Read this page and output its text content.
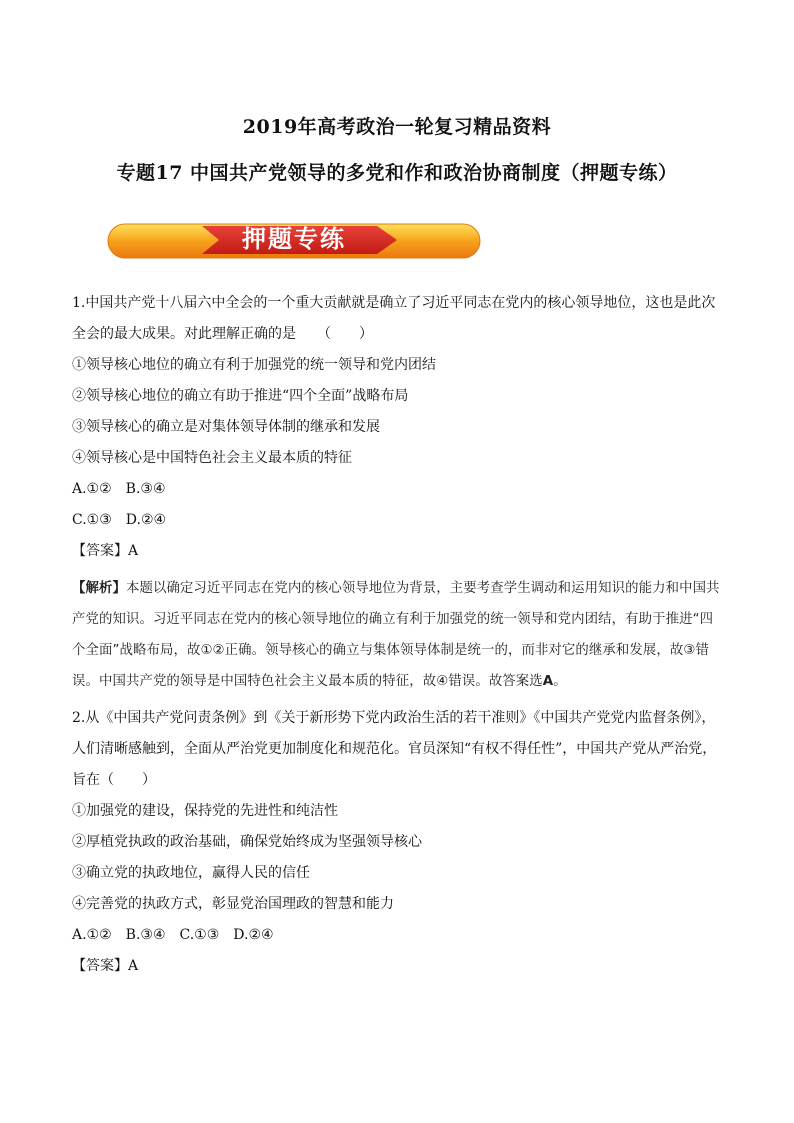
2019年高考政治一轮复习精品资料
专题17 中国共产党领导的多党和作和政治协商制度（押题专练）
押题专练
1.中国共产党十八届六中全会的一个重大贡献就是确立了习近平同志在党内的核心领导地位，这也是此次
全会的最大成果。对此理解正确的是　　（　　）
①领导核心地位的确立有利于加强党的统一领导和党内团结
②领导核心地位的确立有助于推进“四个全面”战略布局
③领导核心的确立是对集体领导体制的继承和发展
④领导核心是中国特色社会主义最本质的特征
A.①②　B.③④
C.①③　D.②④
【答案】A
【解析】本题以确定习近平同志在党内的核心领导地位为背景，主要考查学生调动和运用知识的能力和中国共产党的知识。习近平同志在党内的核心领导地位的确立有利于加强党的统一领导和党内团结，有助于推进“四个全面”战略布局，故①②正确。领导核心的确立与集体领导体制是统一的，而非对它的继承和发展，故③错误。中国共产党的领导是中国特色社会主义最本质的特征，故④错误。故答案选A。
2.从《中国共产党问责条例》到《关于新形势下党内政治生活的若干准则》《中国共产党党内监督条例》，人们清晰感触到，全面从严治党更加制度化和规范化。官员深知“有权不得任性”，中国共产党从严治党，旨在（　　）
①加强党的建设，保持党的先进性和纯洁性
②厚植党执政的政治基础，确保党始终成为坚强领导核心
③确立党的执政地位，赢得人民的信任
④完善党的执政方式，彰显党治国理政的智慧和能力
A.①②　B.③④　C.①③　D.②④
【答案】A
